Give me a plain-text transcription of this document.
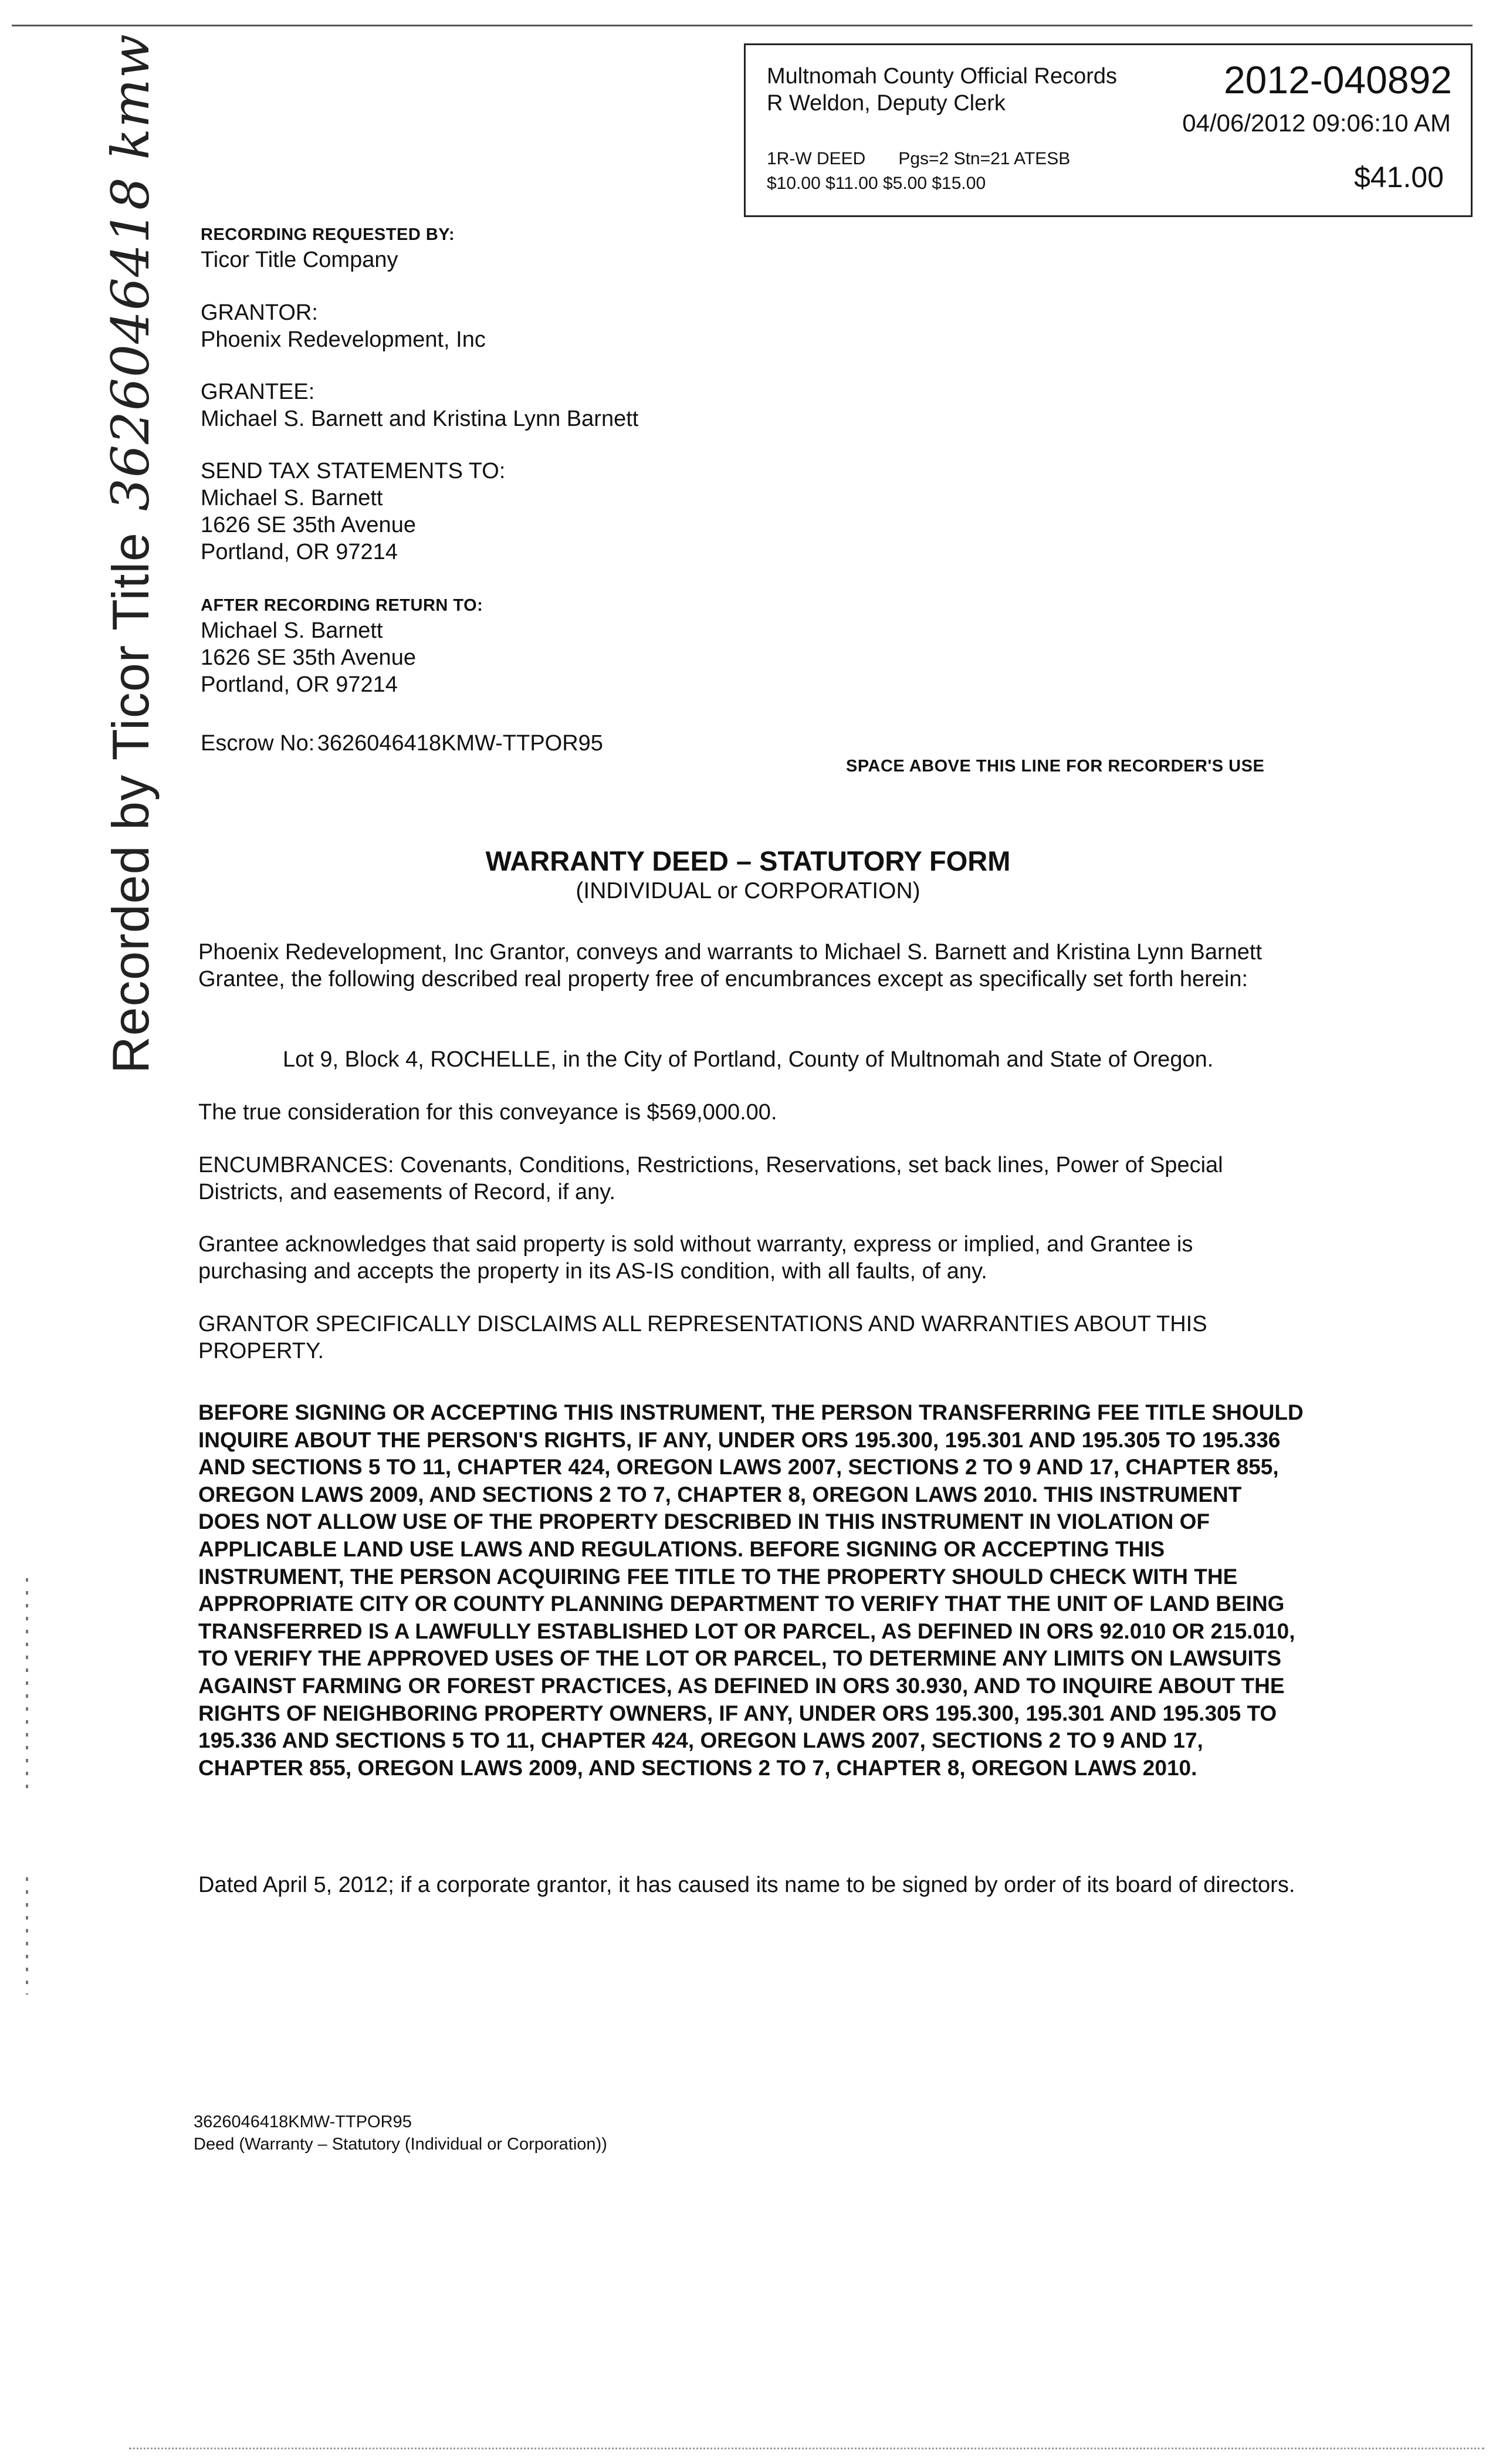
Multnomah County Official Records
R Weldon, Deputy Clerk
2012-040892
04/06/2012 09:06:10 AM
1R-W DEED Pgs=2 Stn=21 ATESB
$10.00 $11.00 $5.00 $15.00	$41.00
Recorded by Ticor Title3626046418 kmw RECORDING REQUESTED BY:
Ticor Title Company
GRANTOR:
Phoenix Redevelopment, Inc
GRANTEE:
Michael S. Barnett and Kristina Lynn Barnett
SEND TAX STATEMENTS TO:
Michael S. Barnett
1626 SE 35th Avenue
Portland, OR 97214
AFTER RECORDING RETURN TO:
Michael S. Barnett
1626 SE 35th Avenue
Portland, OR 97214
Escrow No: 3626046418KMW-TTPOR95
SPACE ABOVE THIS LINE FOR RECORDER'S USE
WARRANTY DEED – STATUTORY FORM
(INDIVIDUAL or CORPORATION)
Phoenix Redevelopment, Inc Grantor, conveys and warrants to Michael S. Barnett and Kristina Lynn Barnett Grantee, the following described real property free of encumbrances except as specifically set forth herein:
Lot 9, Block 4, ROCHELLE, in the City of Portland, County of Multnomah and State of Oregon.
The true consideration for this conveyance is $569,000.00.
ENCUMBRANCES: Covenants, Conditions, Restrictions, Reservations, set back lines, Power of Special Districts, and easements of Record, if any.
Grantee acknowledges that said property is sold without warranty, express or implied, and Grantee is purchasing and accepts the property in its AS-IS condition, with all faults, of any.
GRANTOR SPECIFICALLY DISCLAIMS ALL REPRESENTATIONS AND WARRANTIES ABOUT THIS PROPERTY.
BEFORE SIGNING OR ACCEPTING THIS INSTRUMENT, THE PERSON TRANSFERRING FEE TITLE SHOULD INQUIRE ABOUT THE PERSON'S RIGHTS, IF ANY, UNDER ORS 195.300, 195.301 AND 195.305 TO 195.336 AND SECTIONS 5 TO 11, CHAPTER 424, OREGON LAWS 2007, SECTIONS 2 TO 9 AND 17, CHAPTER 855, OREGON LAWS 2009, AND SECTIONS 2 TO 7, CHAPTER 8, OREGON LAWS 2010. THIS INSTRUMENT DOES NOT ALLOW USE OF THE PROPERTY DESCRIBED IN THIS INSTRUMENT IN VIOLATION OF APPLICABLE LAND USE LAWS AND REGULATIONS. BEFORE SIGNING OR ACCEPTING THIS INSTRUMENT, THE PERSON ACQUIRING FEE TITLE TO THE PROPERTY SHOULD CHECK WITH THE APPROPRIATE CITY OR COUNTY PLANNING DEPARTMENT TO VERIFY THAT THE UNIT OF LAND BEING TRANSFERRED IS A LAWFULLY ESTABLISHED LOT OR PARCEL, AS DEFINED IN ORS 92.010 OR 215.010, TO VERIFY THE APPROVED USES OF THE LOT OR PARCEL, TO DETERMINE ANY LIMITS ON LAWSUITS AGAINST FARMING OR FOREST PRACTICES, AS DEFINED IN ORS 30.930, AND TO INQUIRE ABOUT THE RIGHTS OF NEIGHBORING PROPERTY OWNERS, IF ANY, UNDER ORS 195.300, 195.301 AND 195.305 TO 195.336 AND SECTIONS 5 TO 11, CHAPTER 424, OREGON LAWS 2007, SECTIONS 2 TO 9 AND 17, CHAPTER 855, OREGON LAWS 2009, AND SECTIONS 2 TO 7, CHAPTER 8, OREGON LAWS 2010.
Dated April 5, 2012; if a corporate grantor, it has caused its name to be signed by order of its board of directors.
3626046418KMW-TTPOR95
Deed (Warranty – Statutory (Individual or Corporation))
